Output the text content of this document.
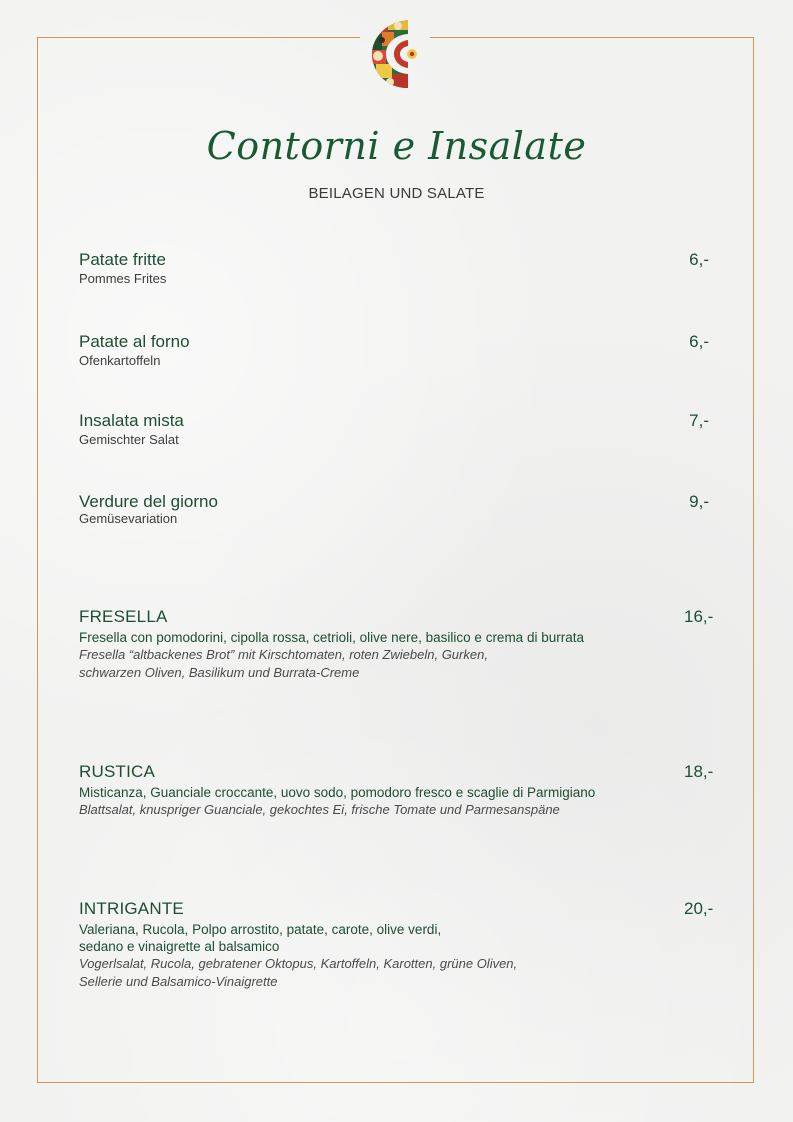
Contorni e Insalate
BEILAGEN UND SALATE
Patate fritte
Pommes Frites
6,-
Patate al forno
Ofenkartoffeln
6,-
Insalata mista
Gemischter Salat
7,-
Verdure del giorno
Gemüsevariation
9,-
FRESELLA
Fresella con pomodorini, cipolla rossa, cetrioli, olive nere, basilico e crema di burrata
Fresella “altbackenes Brot” mit Kirschtomaten, roten Zwiebeln, Gurken,
schwarzen Oliven, Basilikum und Burrata-Creme
16,-
RUSTICA
Misticanza, Guanciale croccante, uovo sodo, pomodoro fresco e scaglie di Parmigiano
Blattsalat, knuspriger Guanciale, gekochtes Ei, frische Tomate und Parmesanspäne
18,-
INTRIGANTE
Valeriana, Rucola, Polpo arrostito, patate, carote, olive verdi,
sedano e vinaigrette al balsamico
Vogerlsalat, Rucola, gebratener Oktopus, Kartoffeln, Karotten, grüne Oliven,
Sellerie und Balsamico-Vinaigrette
20,-
